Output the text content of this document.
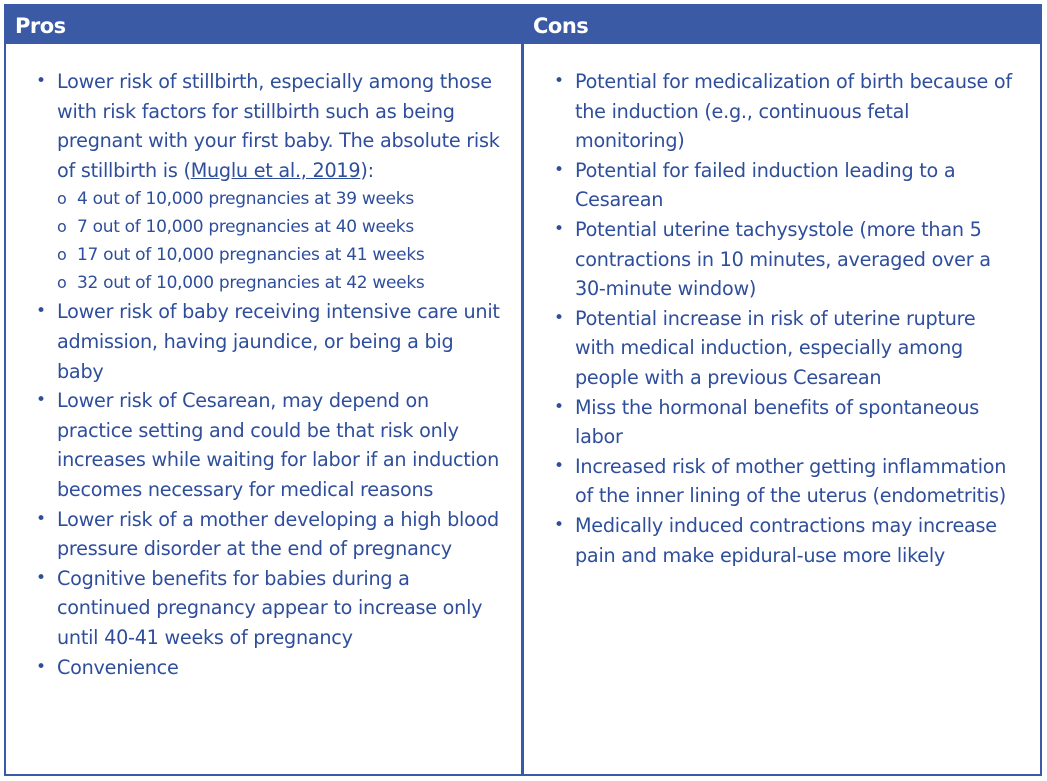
Pros
• Lower risk of stillbirth, especially among those with risk factors for stillbirth such as being pregnant with your first baby. The absolute risk of stillbirth is (Muglu et al., 2019):
o 4 out of 10,000 pregnancies at 39 weeks
o 7 out of 10,000 pregnancies at 40 weeks
o 17 out of 10,000 pregnancies at 41 weeks
o 32 out of 10,000 pregnancies at 42 weeks
• Lower risk of baby receiving intensive care unit admission, having jaundice, or being a big baby
• Lower risk of Cesarean, may depend on practice setting and could be that risk only increases while waiting for labor if an induction becomes necessary for medical reasons
• Lower risk of a mother developing a high blood pressure disorder at the end of pregnancy
• Cognitive benefits for babies during a continued pregnancy appear to increase only until 40-41 weeks of pregnancy
• Convenience
Cons
• Potential for medicalization of birth because of the induction (e.g., continuous fetal monitoring)
• Potential for failed induction leading to a Cesarean
• Potential uterine tachysystole (more than 5 contractions in 10 minutes, averaged over a 30-minute window)
• Potential increase in risk of uterine rupture with medical induction, especially among people with a previous Cesarean
• Miss the hormonal benefits of spontaneous labor
• Increased risk of mother getting inflammation of the inner lining of the uterus (endometritis)
• Medically induced contractions may increase pain and make epidural-use more likely
